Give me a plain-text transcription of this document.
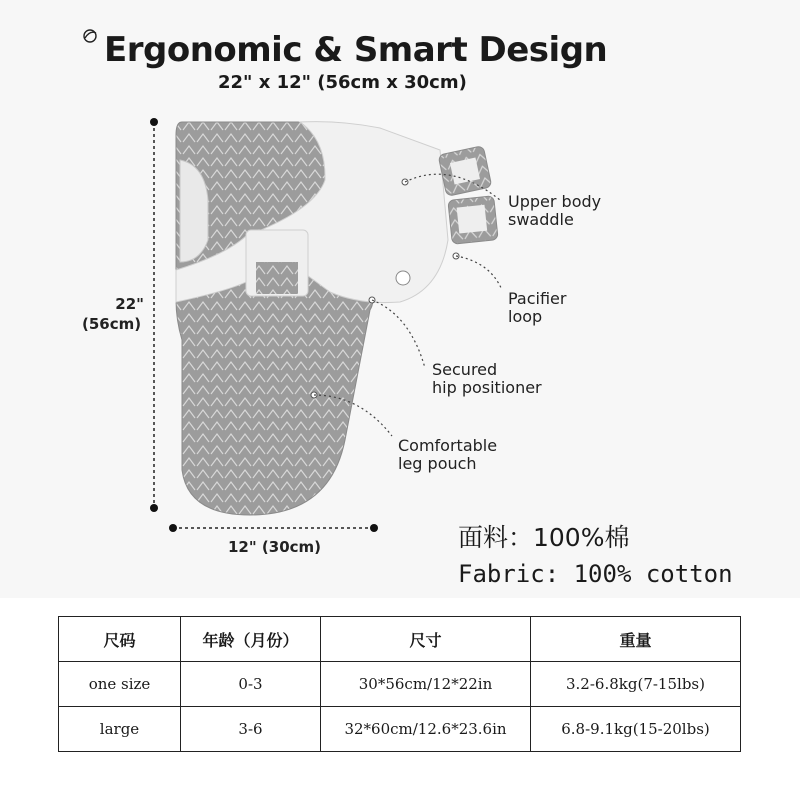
Ergonomic & Smart Design
22" x 12" (56cm x 30cm)
22"
(56cm)
12" (30cm)
Upper body
swaddle
Pacifier
loop
Secured
hip positioner
Comfortable
leg pouch
面料：100%棉
Fabric: 100% cotton
尺码	年龄（月份）	尺寸	重量
one size	0-3	30*56cm/12*22in	3.2-6.8kg(7-15lbs)
large	3-6	32*60cm/12.6*23.6in	6.8-9.1kg(15-20lbs)
